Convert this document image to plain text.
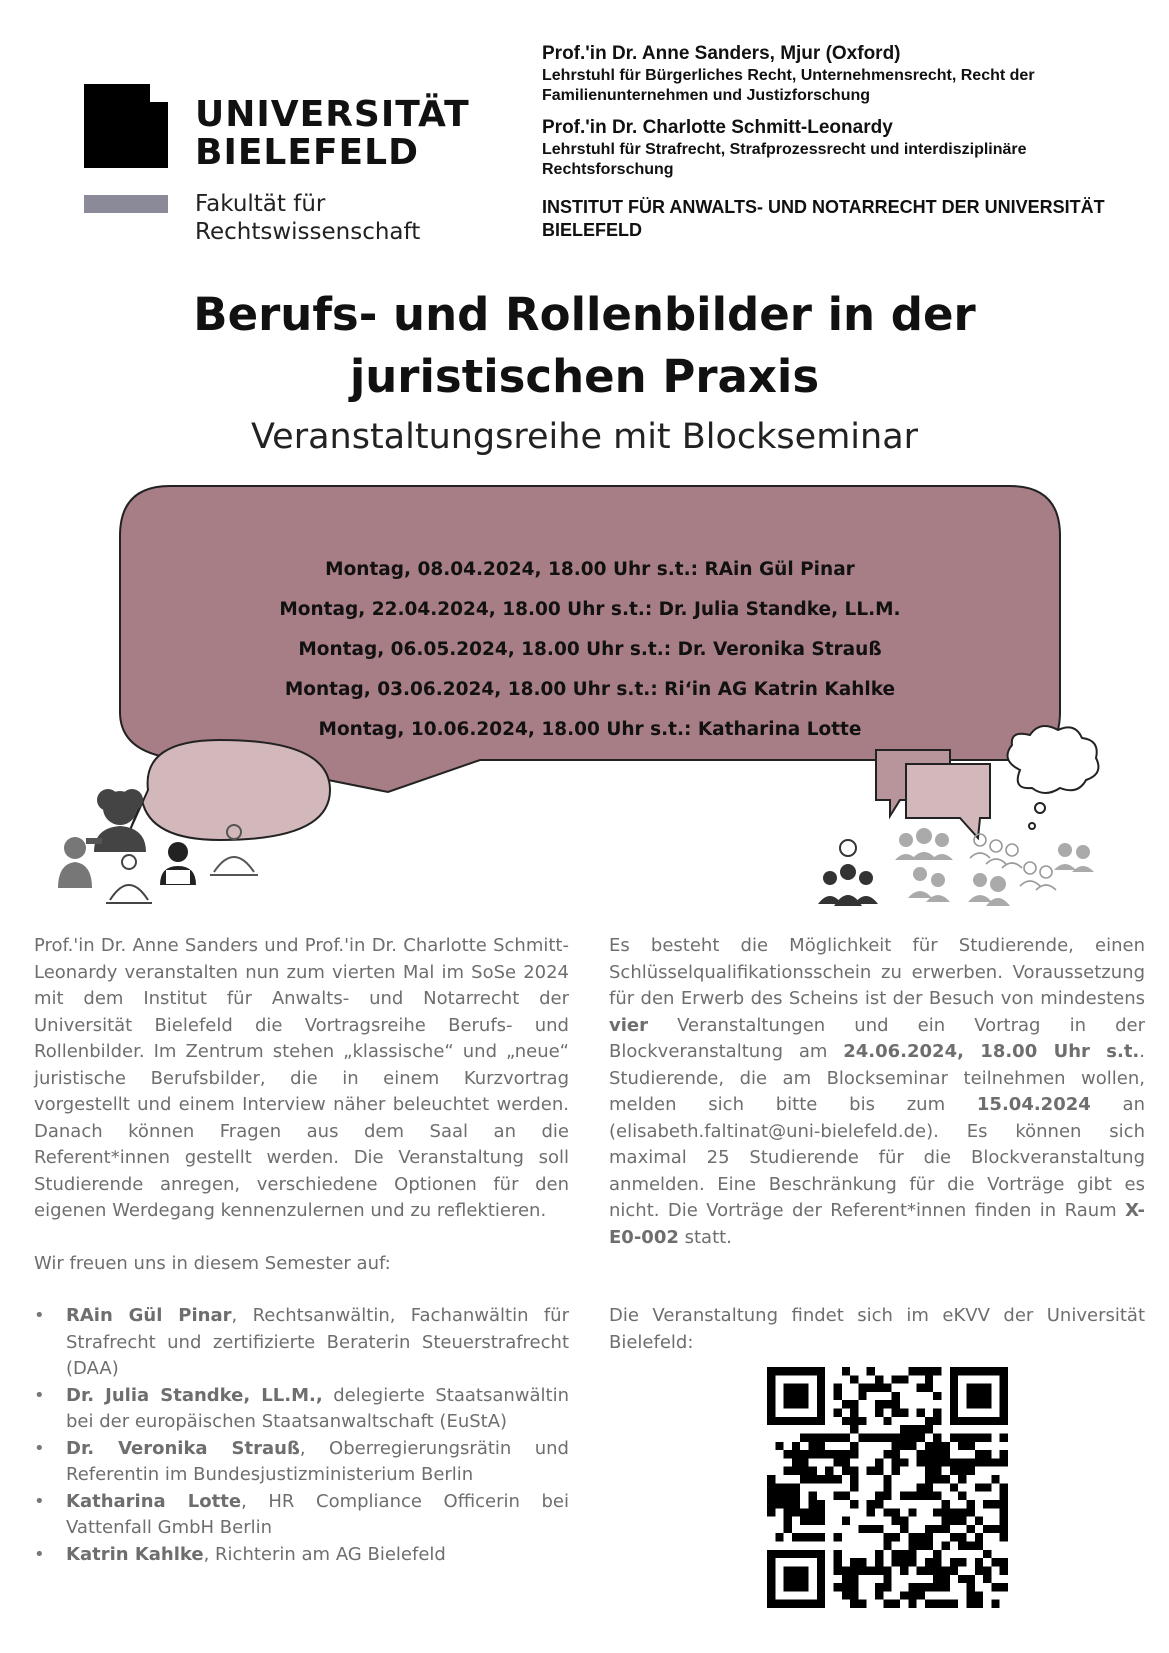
UNIVERSITÄT
BIELEFELD
Fakultät für
Rechtswissenschaft
Prof.'in Dr. Anne Sanders, Mjur (Oxford)
Lehrstuhl für Bürgerliches Recht, Unternehmensrecht, Recht der Familienunternehmen und Justizforschung
Prof.'in Dr. Charlotte Schmitt-Leonardy
Lehrstuhl für Strafrecht, Strafprozessrecht und interdisziplinäre Rechtsforschung
INSTITUT FÜR ANWALTS- UND NOTARRECHT DER UNIVERSITÄT BIELEFELD
Berufs- und Rollenbilder in der
juristischen Praxis
Veranstaltungsreihe mit Blockseminar
Montag, 08.04.2024, 18.00 Uhr s.t.: RAin Gül Pinar
Montag, 22.04.2024, 18.00 Uhr s.t.: Dr. Julia Standke, LL.M.
Montag, 06.05.2024, 18.00 Uhr s.t.: Dr. Veronika Strauß
Montag, 03.06.2024, 18.00 Uhr s.t.: Ri‘in AG Katrin Kahlke
Montag, 10.06.2024, 18.00 Uhr s.t.: Katharina Lotte

Prof.'in Dr. Anne Sanders und Prof.'in Dr. Charlotte Schmitt-Leonardy veranstalten nun zum vierten Mal im SoSe 2024 mit dem Institut für Anwalts- und Notarrecht der Universität Bielefeld die Vortragsreihe Berufs- und Rollenbilder. Im Zentrum stehen „klassische“ und „neue“ juristische Berufsbilder, die in einem Kurzvortrag vorgestellt und einem Interview näher beleuchtet werden. Danach können Fragen aus dem Saal an die Referent*innen gestellt werden. Die Veranstaltung soll Studierende anregen, verschiedene Optionen für den eigenen Werdegang kennenzulernen und zu reflektieren.

Wir freuen uns in diesem Semester auf:

• RAin Gül Pinar, Rechtsanwältin, Fachanwältin für Strafrecht und zertifizierte Beraterin Steuerstrafrecht (DAA)
• Dr. Julia Standke, LL.M., delegierte Staatsanwältin bei der europäischen Staatsanwaltschaft (EuStA)
• Dr. Veronika Strauß, Oberregierungsrätin und Referentin im Bundesjustizministerium Berlin
• Katharina Lotte, HR Compliance Officerin bei Vattenfall GmbH Berlin
• Katrin Kahlke, Richterin am AG Bielefeld

Es besteht die Möglichkeit für Studierende, einen Schlüsselqualifikationsschein zu erwerben. Voraussetzung für den Erwerb des Scheins ist der Besuch von mindestens vier Veranstaltungen und ein Vortrag in der Blockveranstaltung am 24.06.2024, 18.00 Uhr s.t.. Studierende, die am Blockseminar teilnehmen wollen, melden sich bitte bis zum 15.04.2024 an (elisabeth.faltinat@uni-bielefeld.de). Es können sich maximal 25 Studierende für die Blockveranstaltung anmelden. Eine Beschränkung für die Vorträge gibt es nicht. Die Vorträge der Referent*innen finden in Raum X-E0-002 statt.

Die Veranstaltung findet sich im eKVV der Universität Bielefeld:
